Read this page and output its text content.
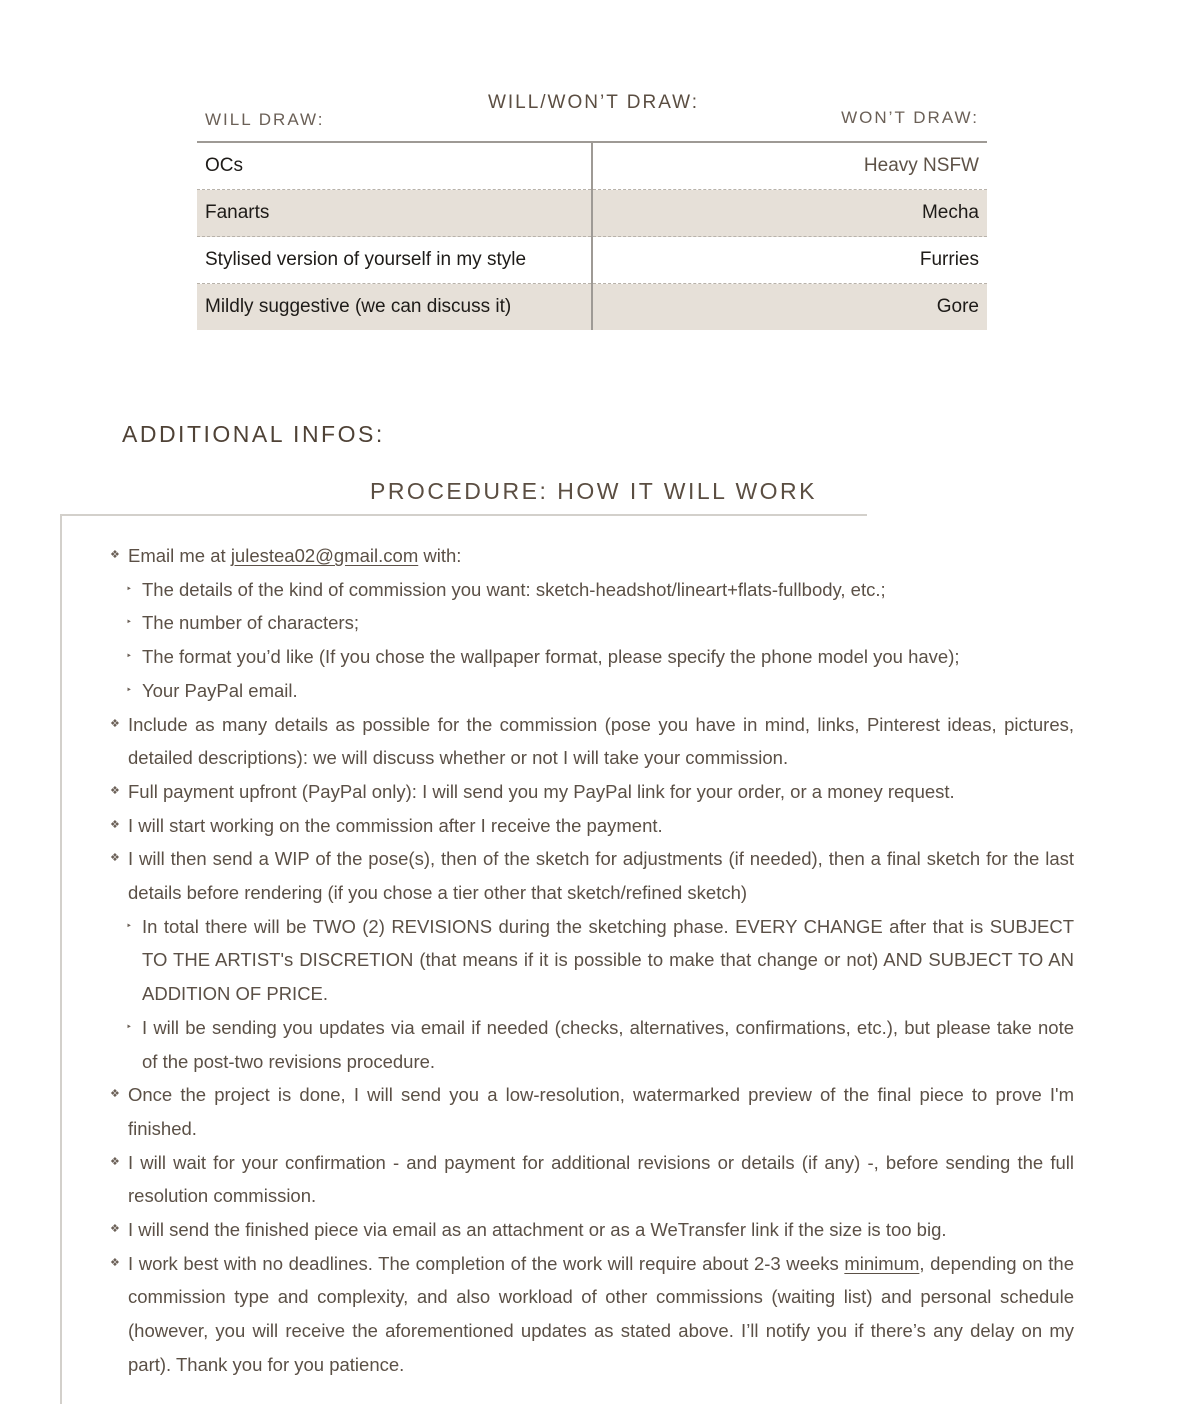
WILL/WON’T DRAW:
WILL DRAW:	WON’T DRAW:
OCs	Heavy NSFW
Fanarts	Mecha
Stylised version of yourself in my style	Furries
Mildly suggestive (we can discuss it)	Gore
ADDITIONAL INFOS:
PROCEDURE: HOW IT WILL WORK
❖ Email me at julestea02@gmail.com with:
‣ The details of the kind of commission you want: sketch-headshot/lineart+flats-fullbody, etc.;
‣ The number of characters;
‣ The format you’d like (If you chose the wallpaper format, please specify the phone model you have);
‣ Your PayPal email.
❖ Include as many details as possible for the commission (pose you have in mind, links, Pinterest ideas, pictures, detailed descriptions): we will discuss whether or not I will take your commission.
❖ Full payment upfront (PayPal only): I will send you my PayPal link for your order, or a money request.
❖ I will start working on the commission after I receive the payment.
❖ I will then send a WIP of the pose(s), then of the sketch for adjustments (if needed), then a final sketch for the last details before rendering (if you chose a tier other that sketch/refined sketch)
‣ In total there will be TWO (2) REVISIONS during the sketching phase. EVERY CHANGE after that is SUBJECT TO THE ARTIST's DISCRETION (that means if it is possible to make that change or not) AND SUBJECT TO AN ADDITION OF PRICE.
‣ I will be sending you updates via email if needed (checks, alternatives, confirmations, etc.), but please take note of the post-two revisions procedure.
❖ Once the project is done, I will send you a low-resolution, watermarked preview of the final piece to prove I'm finished.
❖ I will wait for your confirmation - and payment for additional revisions or details (if any) -, before sending the full resolution commission.
❖ I will send the finished piece via email as an attachment or as a WeTransfer link if the size is too big.
❖ I work best with no deadlines. The completion of the work will require about 2-3 weeks minimum, depending on the commission type and complexity, and also workload of other commissions (waiting list) and personal schedule (however, you will receive the aforementioned updates as stated above. I’ll notify you if there’s any delay on my part). Thank you for you patience.
